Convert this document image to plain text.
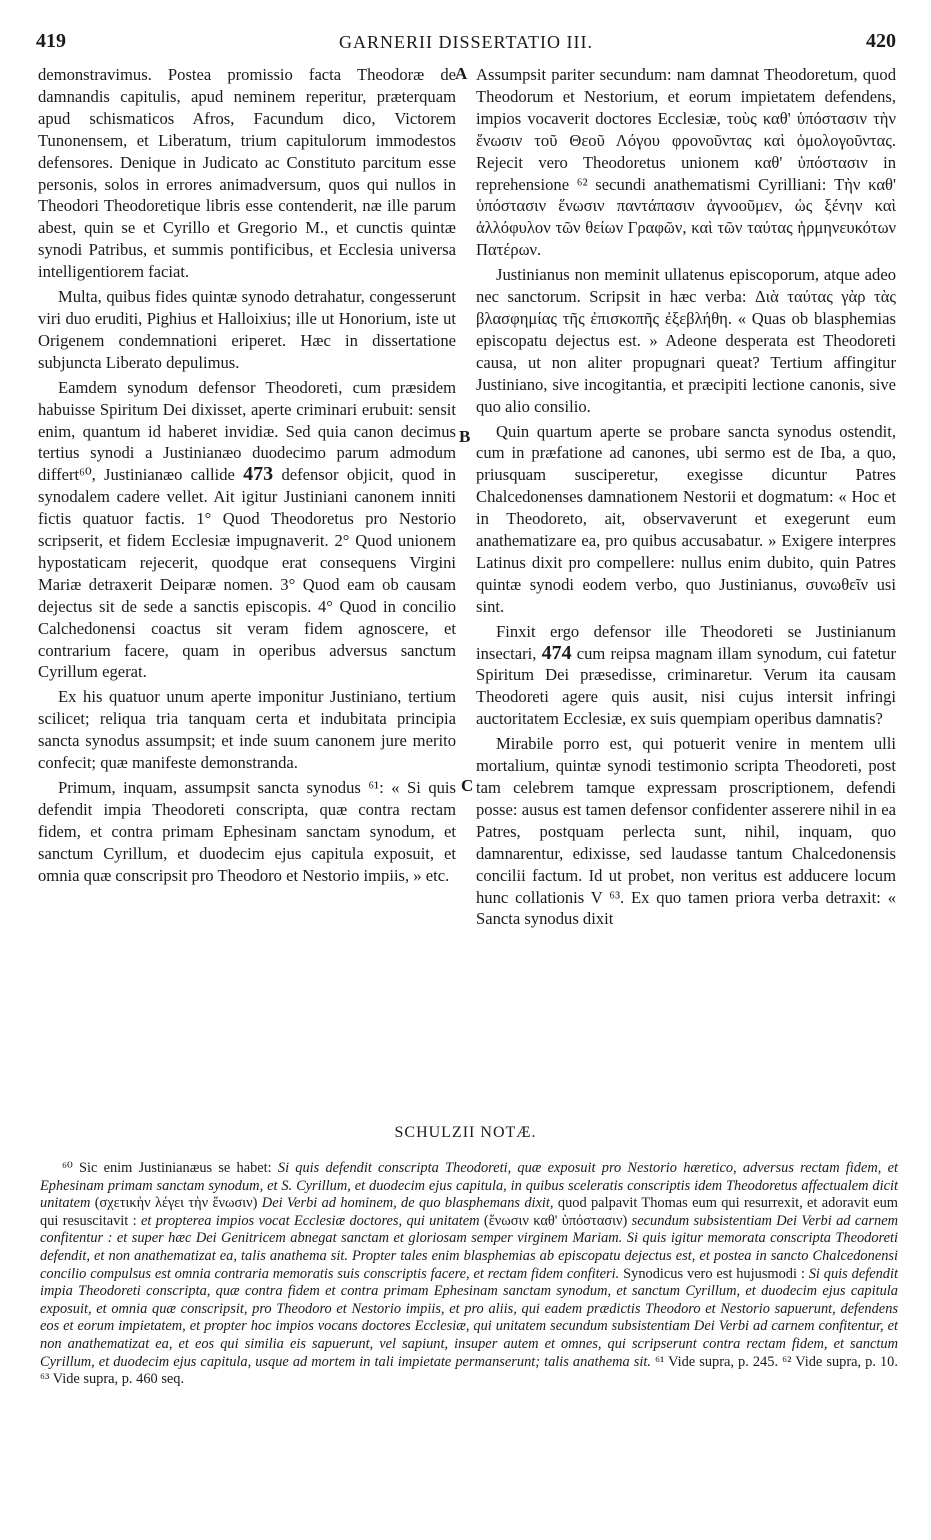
419	GARNERII DISSERTATIO III.	420
A
B
C

demonstravimus. Postea promissio facta Theodoræ de damnandis capitulis, apud neminem reperitur, præterquam apud schismaticos Afros, Facundum dico, Victorem Tunonensem, et Liberatum, trium capitulorum immodestos defensores. Denique in Judicato ac Constituto parcitum esse personis, solos in errores animadversum, quos qui nullos in Theodori Theodoretique libris esse contenderit, næ ille parum abest, quin se et Cyrillo et Gregorio M., et cunctis quintæ synodi Patribus, et summis pontificibus, et Ecclesia universa intelligentiorem faciat.

Multa, quibus fides quintæ synodo detrahatur, congesserunt viri duo eruditi, Pighius et Halloixius; ille ut Honorium, iste ut Origenem condemnationi eriperet. Hæc in dissertatione subjuncta Liberato depulimus.

Eamdem synodum defensor Theodoreti, cum præsidem habuisse Spiritum Dei dixisset, aperte criminari erubuit: sensit enim, quantum id haberet invidiæ. Sed quia canon decimus tertius synodi a Justinianæo duodecimo parum admodum differt⁶⁰, Justinianæo callide 473 defensor objicit, quod in synodalem cadere vellet. Ait igitur Justiniani canonem inniti fictis quatuor factis. 1° Quod Theodoretus pro Nestorio scripserit, et fidem Ecclesiæ impugnaverit. 2° Quod unionem hypostaticam rejecerit, quodque erat consequens Virgini Mariæ detraxerit Deiparæ nomen. 3° Quod eam ob causam dejectus sit de sede a sanctis episcopis. 4° Quod in concilio Calchedonensi coactus sit veram fidem agnoscere, et contrarium facere, quam in operibus adversus sanctum Cyrillum egerat.

Ex his quatuor unum aperte imponitur Justiniano, tertium scilicet; reliqua tria tanquam certa et indubitata principia sancta synodus assumpsit; et inde suum canonem jure merito confecit; quæ manifeste demonstranda.

Primum, inquam, assumpsit sancta synodus ⁶¹: « Si quis defendit impia Theodoreti conscripta, quæ contra rectam fidem, et contra primam Ephesinam sanctam synodum, et sanctum Cyrillum, et duodecim ejus capitula exposuit, et omnia quæ conscripsit pro Theodoro et Nestorio impiis, » etc.

Assumpsit pariter secundum: nam damnat Theodoretum, quod Theodorum et Nestorium, et eorum impietatem defendens, impios vocaverit doctores Ecclesiæ, τοὺς καθ' ὑπόστασιν τὴν ἕνωσιν τοῦ Θεοῦ Λόγου φρονοῦντας καὶ ὁμολογοῦντας. Rejecit vero Theodoretus unionem καθ' ὑπόστασιν in reprehensione ⁶² secundi anathematismi Cyrilliani: Τὴν καθ' ὑπόστασιν ἕνωσιν παντάπασιν ἀγνοοῦμεν, ὡς ξένην καὶ ἀλλόφυλον τῶν θείων Γραφῶν, καὶ τῶν ταύτας ἡρμηνευκότων Πατέρων.

Justinianus non meminit ullatenus episcoporum, atque adeo nec sanctorum. Scripsit in hæc verba: Διὰ ταύτας γὰρ τὰς βλασφημίας τῆς ἐπισκοπῆς ἐξεβλήθη. « Quas ob blasphemias episcopatu dejectus est. » Adeone desperata est Theodoreti causa, ut non aliter propugnari queat? Tertium affingitur Justiniano, sive incogitantia, et præcipiti lectione canonis, sive quo alio consilio.

Quin quartum aperte se probare sancta synodus ostendit, cum in præfatione ad canones, ubi sermo est de Iba, a quo, priusquam susciperetur, exegisse dicuntur Patres Chalcedonenses damnationem Nestorii et dogmatum: « Hoc et in Theodoreto, ait, observaverunt et exegerunt eum anathematizare ea, pro quibus accusabatur. » Exigere interpres Latinus dixit pro compellere: nullus enim dubito, quin Patres quintæ synodi eodem verbo, quo Justinianus, συνωθεῖν usi sint.

Finxit ergo defensor ille Theodoreti se Justinianum insectari, 474 cum reipsa magnam illam synodum, cui fatetur Spiritum Dei præsedisse, criminaretur. Verum ita causam Theodoreti agere quis ausit, nisi cujus intersit infringi auctoritatem Ecclesiæ, ex suis quempiam operibus damnatis?

Mirabile porro est, qui potuerit venire in mentem ulli mortalium, quintæ synodi testimonio scripta Theodoreti, post tam celebrem tamque expressam proscriptionem, defendi posse: ausus est tamen defensor confidenter asserere nihil in ea Patres, postquam perlecta sunt, nihil, inquam, quo damnarentur, edixisse, sed laudasse tantum Chalcedonensis concilii factum. Id ut probet, non veritus est adducere locum hunc collationis V ⁶³. Ex quo tamen priora verba detraxit: « Sancta synodus dixit

SCHULZII NOTÆ.

⁶⁰ Sic enim Justinianæus se habet: Si quis defendit conscripta Theodoreti, quæ exposuit pro Nestorio hæretico, adversus rectam fidem, et Ephesinam primam sanctam synodum, et S. Cyrillum, et duodecim ejus capitula, in quibus sceleratis conscriptis idem Theodoretus affectualem dicit unitatem (σχετικὴν λέγει τὴν ἕνωσιν) Dei Verbi ad hominem, de quo blasphemans dixit, quod palpavit Thomas eum qui resurrexit, et adoravit eum qui resuscitavit : et propterea impios vocat Ecclesiæ doctores, qui unitatem (ἕνωσιν καθ' ὑπόστασιν) secundum subsistentiam Dei Verbi ad carnem confitentur : et super hæc Dei Genitricem abnegat sanctam et gloriosam semper virginem Mariam. Si quis igitur memorata conscripta Theodoreti defendit, et non anathematizat ea, talis anathema sit. Propter tales enim blasphemias ab episcopatu dejectus est, et postea in sancto Chalcedonensi concilio compulsus est omnia contraria memoratis suis conscriptis facere, et rectam fidem confiteri. Synodicus vero est hujusmodi : Si quis defendit impia Theodoreti conscripta, quæ contra fidem et contra primam Ephesinam sanctam synodum, et sanctum Cyrillum, et duodecim ejus capitula exposuit, et omnia quæ conscripsit, pro Theodoro et Nestorio impiis, et pro aliis, qui eadem prædictis Theodoro et Nestorio sapuerunt, defendens eos et eorum impietatem, et propter hoc impios vocans doctores Ecclesiæ, qui unitatem secundum subsistentiam Dei Verbi ad carnem confitentur, et non anathematizat ea, et eos qui similia eis sapuerunt, vel sapiunt, insuper autem et omnes, qui scripserunt contra rectam fidem, et sanctum Cyrillum, et duodecim ejus capitula, usque ad mortem in tali impietate permanserunt; talis anathema sit. ⁶¹ Vide supra, p. 245. ⁶² Vide supra, p. 10. ⁶³ Vide supra, p. 460 seq.
